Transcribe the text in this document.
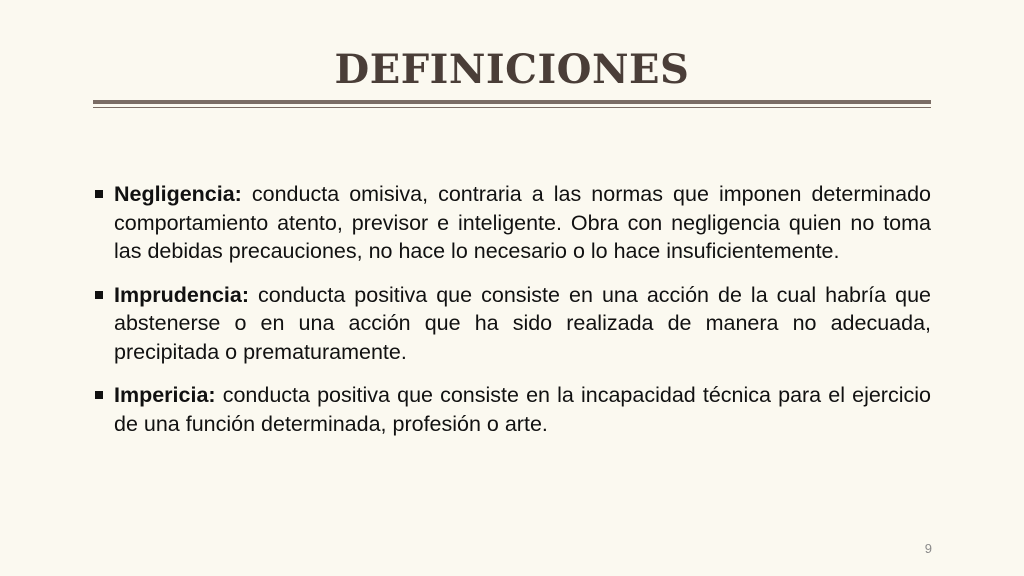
DEFINICIONES
Negligencia: conducta omisiva, contraria a las normas que imponen determinado comportamiento atento, previsor e inteligente. Obra con negligencia quien no toma las debidas precauciones, no hace lo necesario o lo hace insuficientemente.
Imprudencia: conducta positiva que consiste en una acción de la cual habría que abstenerse o en una acción que ha sido realizada de manera no adecuada, precipitada o prematuramente.
Impericia: conducta positiva que consiste en la incapacidad técnica para el ejercicio de una función determinada, profesión o arte.
9
